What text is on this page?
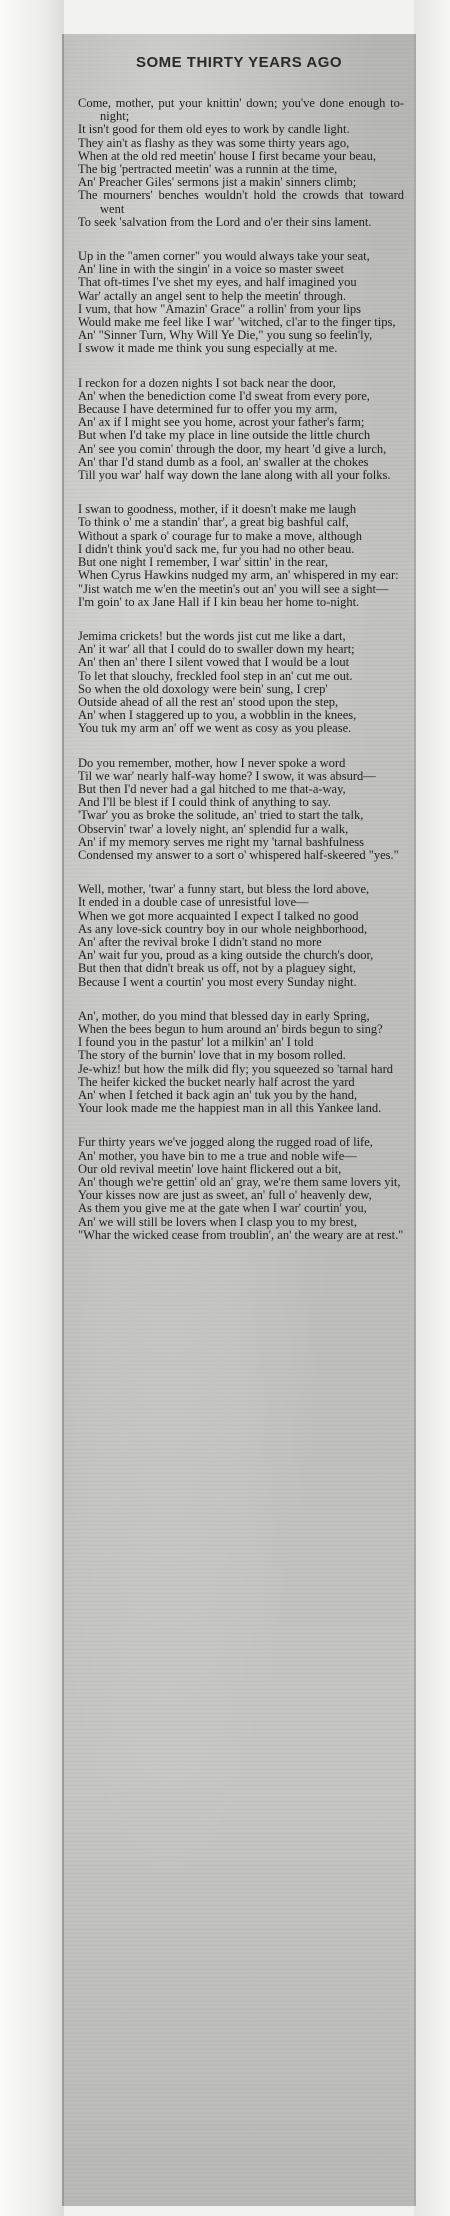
SOME THIRTY YEARS AGO
Come, mother, put your knittin' down; you've done enough to-night;
It isn't good for them old eyes to work by candle light.
They ain't as flashy as they was some thirty years ago,
When at the old red meetin' house I first became your beau,
The big 'pertracted meetin' was a runnin at the time,
An' Preacher Giles' sermons jist a makin' sinners climb;
The mourners' benches wouldn't hold the crowds that toward went
To seek 'salvation from the Lord and o'er their sins lament.
Up in the "amen corner" you would always take your seat,
An' line in with the singin' in a voice so master sweet
That oft-times I've shet my eyes, and half imagined you
War' actally an angel sent to help the meetin' through.
I vum, that how "Amazin' Grace" a rollin' from your lips
Would make me feel like I war' 'witched, cl'ar to the finger tips,
An' "Sinner Turn, Why Will Ye Die," you sung so feelin'ly,
I swow it made me think you sung especially at me.
I reckon for a dozen nights I sot back near the door,
An' when the benediction come I'd sweat from every pore,
Because I have determined fur to offer you my arm,
An' ax if I might see you home, acrost your father's farm;
But when I'd take my place in line outside the little church
An' see you comin' through the door, my heart 'd give a lurch,
An' thar I'd stand dumb as a fool, an' swaller at the chokes
Till you war' half way down the lane along with all your folks.
I swan to goodness, mother, if it doesn't make me laugh
To think o' me a standin' thar', a great big bashful calf,
Without a spark o' courage fur to make a move, although
I didn't think you'd sack me, fur you had no other beau.
But one night I remember, I war' sittin' in the rear,
When Cyrus Hawkins nudged my arm, an' whispered in my ear:
"Jist watch me w'en the meetin's out an' you will see a sight—
I'm goin' to ax Jane Hall if I kin beau her home to-night.
Jemima crickets! but the words jist cut me like a dart,
An' it war' all that I could do to swaller down my heart;
An' then an' there I silent vowed that I would be a lout
To let that slouchy, freckled fool step in an' cut me out.
So when the old doxology were bein' sung, I crep'
Outside ahead of all the rest an' stood upon the step,
An' when I staggered up to you, a wobblin in the knees,
You tuk my arm an' off we went as cosy as you please.
Do you remember, mother, how I never spoke a word
Til we war' nearly half-way home? I swow, it was absurd—
But then I'd never had a gal hitched to me that-a-way,
And I'll be blest if I could think of anything to say.
'Twar' you as broke the solitude, an' tried to start the talk,
Observin' twar' a lovely night, an' splendid fur a walk,
An' if my memory serves me right my 'tarnal bashfulness
Condensed my answer to a sort o' whispered half-skeered "yes."
Well, mother, 'twar' a funny start, but bless the lord above,
It ended in a double case of unresistful love—
When we got more acquainted I expect I talked no good
As any love-sick country boy in our whole neighborhood,
An' after the revival broke I didn't stand no more
An' wait fur you, proud as a king outside the church's door,
But then that didn't break us off, not by a plaguey sight,
Because I went a courtin' you most every Sunday night.
An', mother, do you mind that blessed day in early Spring,
When the bees begun to hum around an' birds begun to sing?
I found you in the pastur' lot a milkin' an' I told
The story of the burnin' love that in my bosom rolled.
Je-whiz! but how the milk did fly; you squeezed so 'tarnal hard
The heifer kicked the bucket nearly half acrost the yard
An' when I fetched it back agin an' tuk you by the hand,
Your look made me the happiest man in all this Yankee land.
Fur thirty years we've jogged along the rugged road of life,
An' mother, you have bin to me a true and noble wife—
Our old revival meetin' love haint flickered out a bit,
An' though we're gettin' old an' gray, we're them same lovers yit,
Your kisses now are just as sweet, an' full o' heavenly dew,
As them you give me at the gate when I war' courtin' you,
An' we will still be lovers when I clasp you to my brest,
"Whar the wicked cease from troublin', an' the weary are at rest."
